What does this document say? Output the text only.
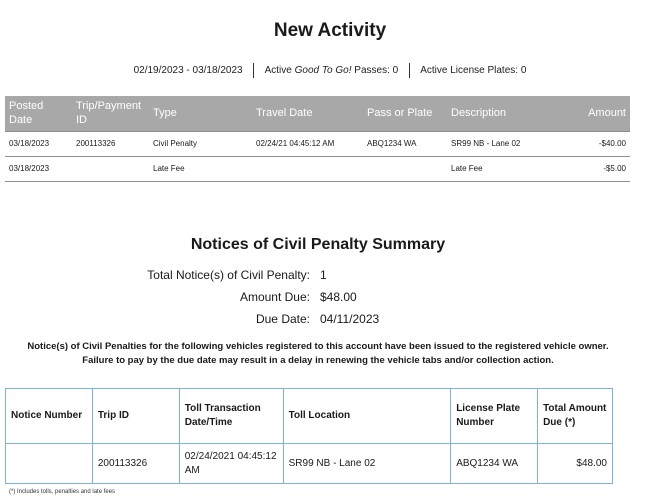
New Activity
02/19/2023 - 03/18/2023 Active Good To Go! Passes: 0 Active License Plates: 0
Posted Date	Trip/Payment ID	Type	Travel Date	Pass or Plate	Description	Amount
03/18/2023	200113326	Civil Penalty	02/24/21 04:45:12 AM	ABQ1234 WA	SR99 NB - Lane 02	-$40.00
03/18/2023		Late Fee			Late Fee	-$5.00
Notices of Civil Penalty Summary
Total Notice(s) of Civil Penalty: 1
Amount Due: $48.00
Due Date: 04/11/2023
Notice(s) of Civil Penalties for the following vehicles registered to this account have been issued to the registered vehicle owner.
Failure to pay by the due date may result in a delay in renewing the vehicle tabs and/or collection action.
Notice Number	Trip ID	Toll Transaction Date/Time	Toll Location	License Plate Number	Total Amount Due (*)
	200113326	02/24/2021 04:45:12 AM	SR99 NB - Lane 02	ABQ1234 WA	$48.00
(*) Includes tolls, penalties and late fees
